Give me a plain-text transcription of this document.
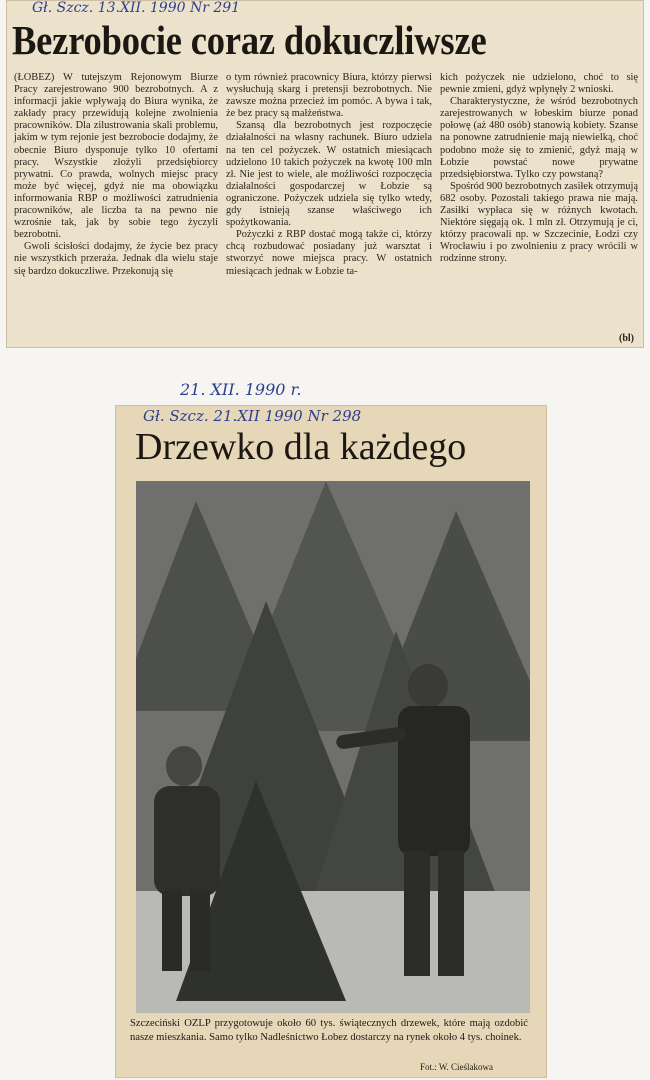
Gł. Szcz. 13.XII. 1990 Nr 291
Bezrobocie coraz dokuczliwsze

(ŁOBEZ) W tutejszym Rejonowym Biurze Pracy zarejestrowano 900 bezrobotnych. A z informacji jakie wpływają do Biura wynika, że zakłady pracy przewidują kolejne zwolnienia pracowników. Dla zilustrowania skali problemu, jakim w tym rejonie jest bezrobocie dodajmy, że obecnie Biuro dysponuje tylko 10 ofertami pracy. Wszystkie złożyli przedsiębiorcy prywatni. Co prawda, wolnych miejsc pracy może być więcej, gdyż nie ma obowiązku informowania RBP o możliwości zatrudnienia pracowników, ale liczba ta na pewno nie wzrośnie tak, jak by sobie tego życzyli bezrobotni.

Gwoli ścisłości dodajmy, że życie bez pracy nie wszystkich przeraża. Jednak dla wielu staje się bardzo dokuczliwe. Przekonują się

o tym również pracownicy Biura, którzy pierwsi wysłuchują skarg i pretensji bezrobotnych. Nie zawsze można przecież im pomóc. A bywa i tak, że bez pracy są małżeństwa.

Szansą dla bezrobotnych jest rozpoczęcie działalności na własny rachunek. Biuro udziela na ten cel pożyczek. W ostatnich miesiącach udzielono 10 takich pożyczek na kwotę 100 mln zł. Nie jest to wiele, ale możliwości rozpoczęcia działalności gospodarczej w Łobzie są ograniczone. Pożyczek udziela się tylko wtedy, gdy istnieją szanse właściwego ich spożytkowania.

Pożyczki z RBP dostać mogą także ci, którzy chcą rozbudować posiadany już warsztat i stworzyć nowe miejsca pracy. W ostatnich miesiącach jednak w Łobzie ta-

kich pożyczek nie udzielono, choć to się pewnie zmieni, gdyż wpłynęły 2 wnioski.

Charakterystyczne, że wśród bezrobotnych zarejestrowanych w łobeskim biurze ponad połowę (aż 480 osób) stanowią kobiety. Szanse na ponowne zatrudnienie mają niewielką, choć podobno może się to zmienić, gdyż mają w Łobzie powstać nowe prywatne przedsiębiorstwa. Tylko czy powstaną?

Spośród 900 bezrobotnych zasiłek otrzymują 682 osoby. Pozostali takiego prawa nie mają. Zasiłki wypłaca się w różnych kwotach. Niektóre sięgają ok. 1 mln zł. Otrzymują je ci, którzy pracowali np. w Szczecinie, Łodzi czy Wrocławiu i po zwolnieniu z pracy wrócili w rodzinne strony.

(bl)
21. XII. 1990 r.
Gł. Szcz. 21.XII 1990 Nr 298
Drzewko dla każdego
Szczeciński OZLP przygotowuje około 60 tys. świątecznych drzewek, które mają ozdobić nasze mieszkania. Samo tylko Nadleśnictwo Łobez dostarczy na rynek około 4 tys. choinek.
Fot.: W. Cieślakowa
